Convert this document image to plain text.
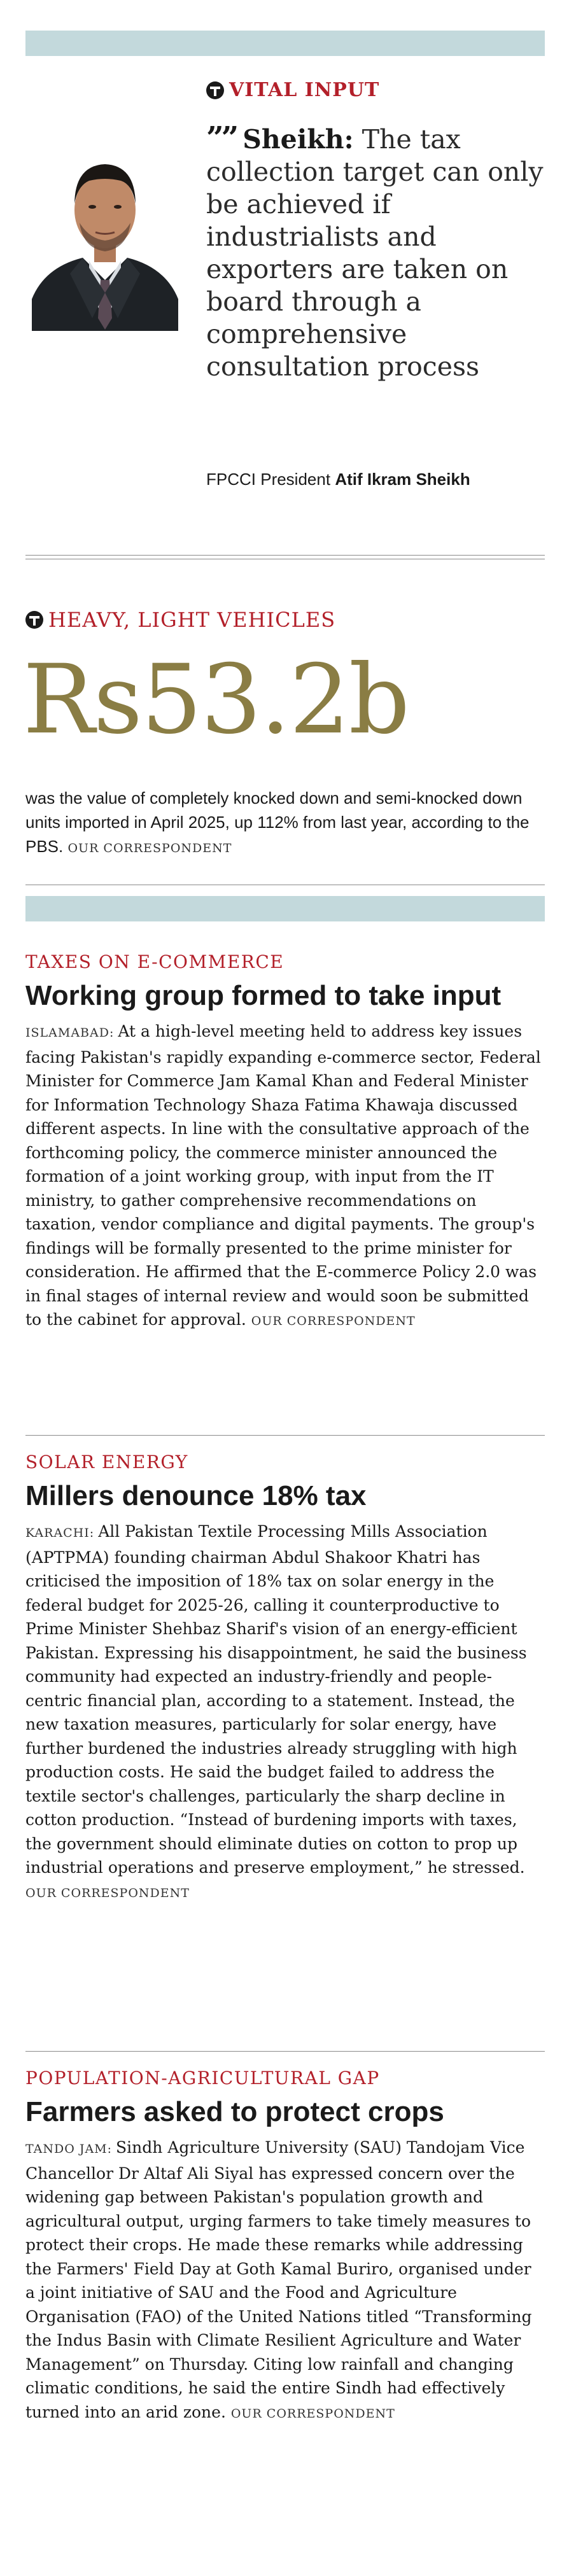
VITAL INPUT
”” Sheikh: The tax collection target can only be achieved if industrialists and exporters are taken on board through a comprehensive consultation process
FPCCI President Atif Ikram Sheikh
HEAVY, LIGHT VEHICLES
Rs53.2b
was the value of completely knocked down and semi-knocked down units imported in April 2025, up 112% from last year, according to the PBS. OUR CORRESPONDENT
TAXES ON E-COMMERCE
Working group formed to take input

ISLAMABAD: At a high-level meeting held to address key issues facing Pakistan's rapidly expanding e-commerce sector, Federal Minister for Commerce Jam Kamal Khan and Federal Minister for Information Technology Shaza Fatima Khawaja discussed different aspects. In line with the consultative approach of the forthcoming policy, the commerce minister announced the formation of a joint working group, with input from the IT ministry, to gather comprehensive recommendations on taxation, vendor compliance and digital payments. The group's findings will be formally presented to the prime minister for consideration. He affirmed that the E-commerce Policy 2.0 was in final stages of internal review and would soon be submitted to the cabinet for approval. OUR CORRESPONDENT

SOLAR ENERGY
Millers denounce 18% tax

KARACHI: All Pakistan Textile Processing Mills Association (APTPMA) founding chairman Abdul Shakoor Khatri has criticised the imposition of 18% tax on solar energy in the federal budget for 2025-26, calling it counterproductive to Prime Minister Shehbaz Sharif's vision of an energy-efficient Pakistan. Expressing his disappointment, he said the business community had expected an industry-friendly and people-centric financial plan, according to a statement. Instead, the new taxation measures, particularly for solar energy, have further burdened the industries already struggling with high production costs. He said the budget failed to address the textile sector's challenges, particularly the sharp decline in cotton production. “Instead of burdening imports with taxes, the government should eliminate duties on cotton to prop up industrial operations and preserve employment,” he stressed. OUR CORRESPONDENT

POPULATION-AGRICULTURAL GAP
Farmers asked to protect crops

TANDO JAM: Sindh Agriculture University (SAU) Tandojam Vice Chancellor Dr Altaf Ali Siyal has expressed concern over the widening gap between Pakistan's population growth and agricultural output, urging farmers to take timely measures to protect their crops. He made these remarks while addressing the Farmers' Field Day at Goth Kamal Buriro, organised under a joint initiative of SAU and the Food and Agriculture Organisation (FAO) of the United Nations titled “Transforming the Indus Basin with Climate Resilient Agriculture and Water Management” on Thursday. Citing low rainfall and changing climatic conditions, he said the entire Sindh had effectively turned into an arid zone. OUR CORRESPONDENT
